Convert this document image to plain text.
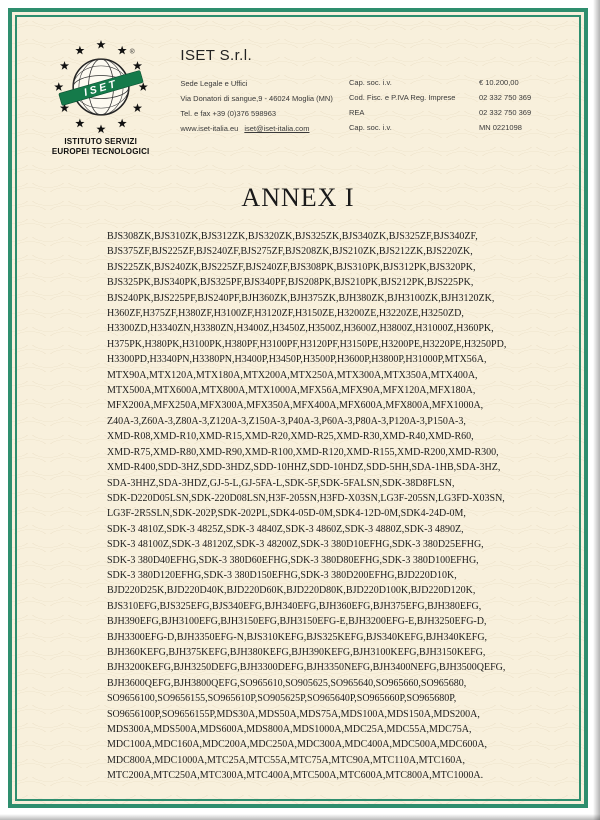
ISET
®
ISTITUTO SERVIZI
EUROPEI TECNOLOGICI
ISET S.r.l.
Sede Legale e Uffici
Via Donatori di sangue,9 - 46024 Moglia (MN)
Tel. e fax +39 (0)376 598963
www.iset-italia.eu iset@iset-italia.com
Cap. soc. i.v.	€ 10.200,00
Cod. Fisc. e P.IVA Reg. Imprese	02 332 750 369
REA	02 332 750 369
Cap. soc. i.v.	MN 0221098
ANNEX I
BJS308ZK,BJS310ZK,BJS312ZK,BJS320ZK,BJS325ZK,BJS340ZK,BJS325ZF,BJS340ZF,
BJS375ZF,BJS225ZF,BJS240ZF,BJS275ZF,BJS208ZK,BJS210ZK,BJS212ZK,BJS220ZK,
BJS225ZK,BJS240ZK,BJS225ZF,BJS240ZF,BJS308PK,BJS310PK,BJS312PK,BJS320PK,
BJS325PK,BJS340PK,BJS325PF,BJS340PF,BJS208PK,BJS210PK,BJS212PK,BJS225PK,
BJS240PK,BJS225PF,BJS240PF,BJH360ZK,BJH375ZK,BJH380ZK,BJH3100ZK,BJH3120ZK,
H360ZF,H375ZF,H380ZF,H3100ZF,H3120ZF,H3150ZE,H3200ZE,H3220ZE,H3250ZD,
H3300ZD,H3340ZN,H3380ZN,H3400Z,H3450Z,H3500Z,H3600Z,H3800Z,H31000Z,H360PK,
H375PK,H380PK,H3100PK,H380PF,H3100PF,H3120PF,H3150PE,H3200PE,H3220PE,H3250PD,
H3300PD,H3340PN,H3380PN,H3400P,H3450P,H3500P,H3600P,H3800P,H31000P,MTX56A,
MTX90A,MTX120A,MTX180A,MTX200A,MTX250A,MTX300A,MTX350A,MTX400A,
MTX500A,MTX600A,MTX800A,MTX1000A,MFX56A,MFX90A,MFX120A,MFX180A,
MFX200A,MFX250A,MFX300A,MFX350A,MFX400A,MFX600A,MFX800A,MFX1000A,
Z40A-3,Z60A-3,Z80A-3,Z120A-3,Z150A-3,P40A-3,P60A-3,P80A-3,P120A-3,P150A-3,
XMD-R08,XMD-R10,XMD-R15,XMD-R20,XMD-R25,XMD-R30,XMD-R40,XMD-R60,
XMD-R75,XMD-R80,XMD-R90,XMD-R100,XMD-R120,XMD-R155,XMD-R200,XMD-R300,
XMD-R400,SDD-3HZ,SDD-3HDZ,SDD-10HHZ,SDD-10HDZ,SDD-5HH,SDA-1HB,SDA-3HZ,
SDA-3HHZ,SDA-3HDZ,GJ-5-L,GJ-5FA-L,SDK-5F,SDK-5FALSN,SDK-38D8FLSN,
SDK-D220D05LSN,SDK-220D08LSN,H3F-205SN,H3FD-X03SN,LG3F-205SN,LG3FD-X03SN,
LG3F-2R5SLN,SDK-202P,SDK-202PL,SDK4-05D-0M,SDK4-12D-0M,SDK4-24D-0M,
SDK-3 4810Z,SDK-3 4825Z,SDK-3 4840Z,SDK-3 4860Z,SDK-3 4880Z,SDK-3 4890Z,
SDK-3 48100Z,SDK-3 48120Z,SDK-3 48200Z,SDK-3 380D10EFHG,SDK-3 380D25EFHG,
SDK-3 380D40EFHG,SDK-3 380D60EFHG,SDK-3 380D80EFHG,SDK-3 380D100EFHG,
SDK-3 380D120EFHG,SDK-3 380D150EFHG,SDK-3 380D200EFHG,BJD220D10K,
BJD220D25K,BJD220D40K,BJD220D60K,BJD220D80K,BJD220D100K,BJD220D120K,
BJS310EFG,BJS325EFG,BJS340EFG,BJH340EFG,BJH360EFG,BJH375EFG,BJH380EFG,
BJH390EFG,BJH3100EFG,BJH3150EFG,BJH3150EFG-E,BJH3200EFG-E,BJH3250EFG-D,
BJH3300EFG-D,BJH3350EFG-N,BJS310KEFG,BJS325KEFG,BJS340KEFG,BJH340KEFG,
BJH360KEFG,BJH375KEFG,BJH380KEFG,BJH390KEFG,BJH3100KEFG,BJH3150KEFG,
BJH3200KEFG,BJH3250DEFG,BJH3300DEFG,BJH3350NEFG,BJH3400NEFG,BJH3500QEFG,
BJH3600QEFG,BJH3800QEFG,SO965610,SO905625,SO965640,SO965660,SO965680,
SO9656100,SO9656155,SO965610P,SO905625P,SO965640P,SO965660P,SO965680P,
SO9656100P,SO9656155P,MDS30A,MDS50A,MDS75A,MDS100A,MDS150A,MDS200A,
MDS300A,MDS500A,MDS600A,MDS800A,MDS1000A,MDC25A,MDC55A,MDC75A,
MDC100A,MDC160A,MDC200A,MDC250A,MDC300A,MDC400A,MDC500A,MDC600A,
MDC800A,MDC1000A,MTC25A,MTC55A,MTC75A,MTC90A,MTC110A,MTC160A,
MTC200A,MTC250A,MTC300A,MTC400A,MTC500A,MTC600A,MTC800A,MTC1000A.
